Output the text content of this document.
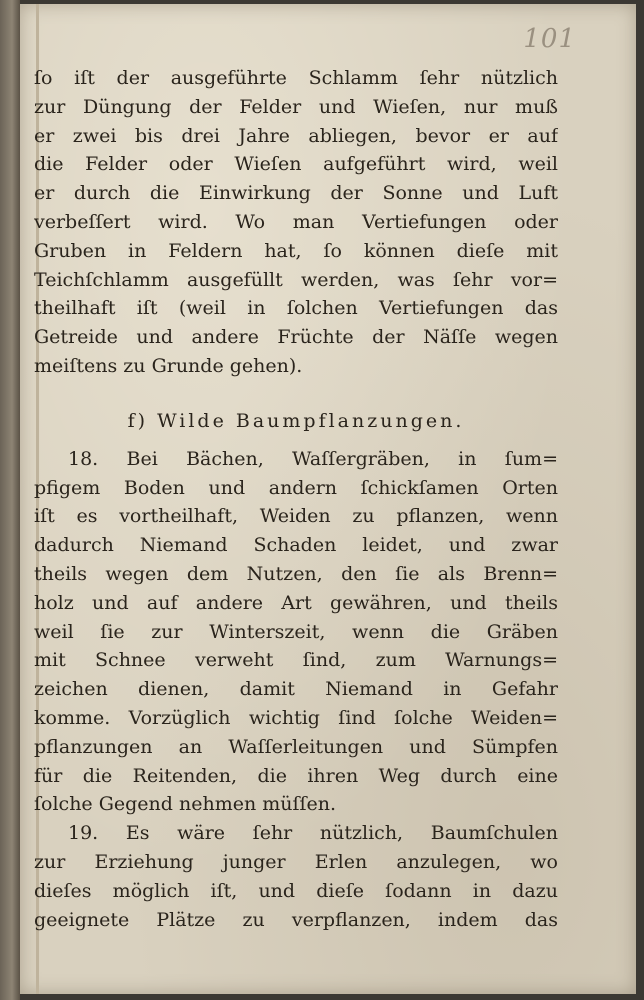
101
ſo iſt der ausgeführte Schlamm ſehr nützlich
zur Düngung der Felder und Wieſen, nur muß
er zwei bis drei Jahre abliegen, bevor er auf
die Felder oder Wieſen aufgeführt wird, weil
er durch die Einwirkung der Sonne und Luft
verbeſſert wird. Wo man Vertiefungen oder
Gruben in Feldern hat, ſo können dieſe mit
Teichſchlamm ausgefüllt werden, was ſehr vor=
theilhaft iſt (weil in ſolchen Vertiefungen das
Getreide und andere Früchte der Näſſe wegen
meiſtens zu Grunde gehen).
f) Wilde Baumpflanzungen.
18. Bei Bächen, Waſſergräben, in ſum=
pfigem Boden und andern ſchickſamen Orten
iſt es vortheilhaft, Weiden zu pflanzen, wenn
dadurch Niemand Schaden leidet, und zwar
theils wegen dem Nutzen, den ſie als Brenn=
holz und auf andere Art gewähren, und theils
weil ſie zur Winterszeit, wenn die Gräben
mit Schnee verweht ſind, zum Warnungs=
zeichen dienen, damit Niemand in Gefahr
komme. Vorzüglich wichtig ſind ſolche Weiden=
pflanzungen an Waſſerleitungen und Sümpfen
für die Reitenden, die ihren Weg durch eine
ſolche Gegend nehmen müſſen.
19. Es wäre ſehr nützlich, Baumſchulen
zur Erziehung junger Erlen anzulegen, wo
dieſes möglich iſt, und dieſe ſodann in dazu
geeignete Plätze zu verpflanzen, indem das
